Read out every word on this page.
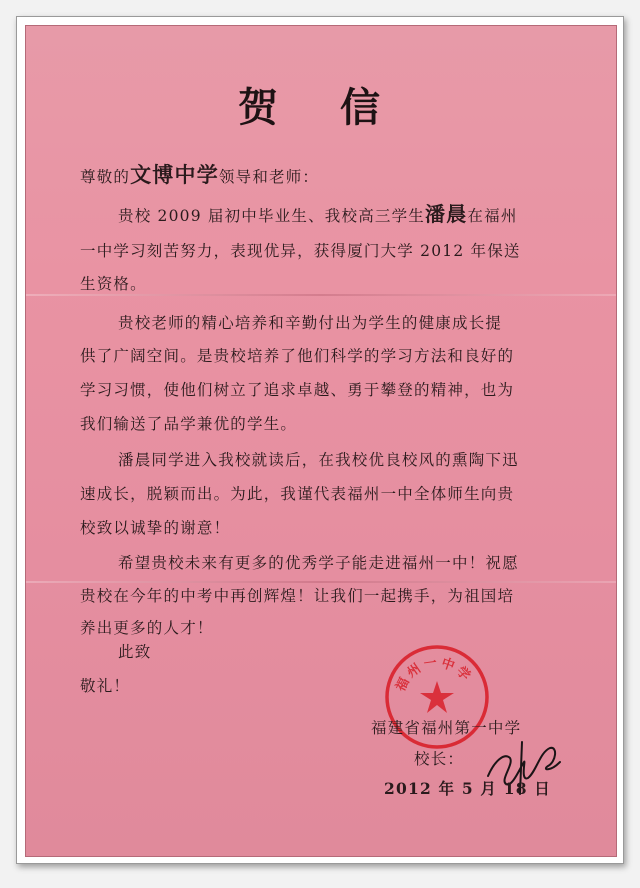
贺 信
尊敬的文博中学领导和老师：
贵校 2009 届初中毕业生、我校高三学生潘晨在福州
一中学习刻苦努力，表现优异，获得厦门大学 2012 年保送
生资格。
贵校老师的精心培养和辛勤付出为学生的健康成长提
供了广阔空间。是贵校培养了他们科学的学习方法和良好的
学习习惯，使他们树立了追求卓越、勇于攀登的精神，也为
我们输送了品学兼优的学生。
潘晨同学进入我校就读后，在我校优良校风的熏陶下迅
速成长，脱颖而出。为此，我谨代表福州一中全体师生向贵
校致以诚挚的谢意！
希望贵校未来有更多的优秀学子能走进福州一中！祝愿
贵校在今年的中考中再创辉煌！让我们一起携手，为祖国培
养出更多的人才！
此致
敬礼！	福州一中学
福建省福州第一中学
校长：
2012 年 5 月 18 日
